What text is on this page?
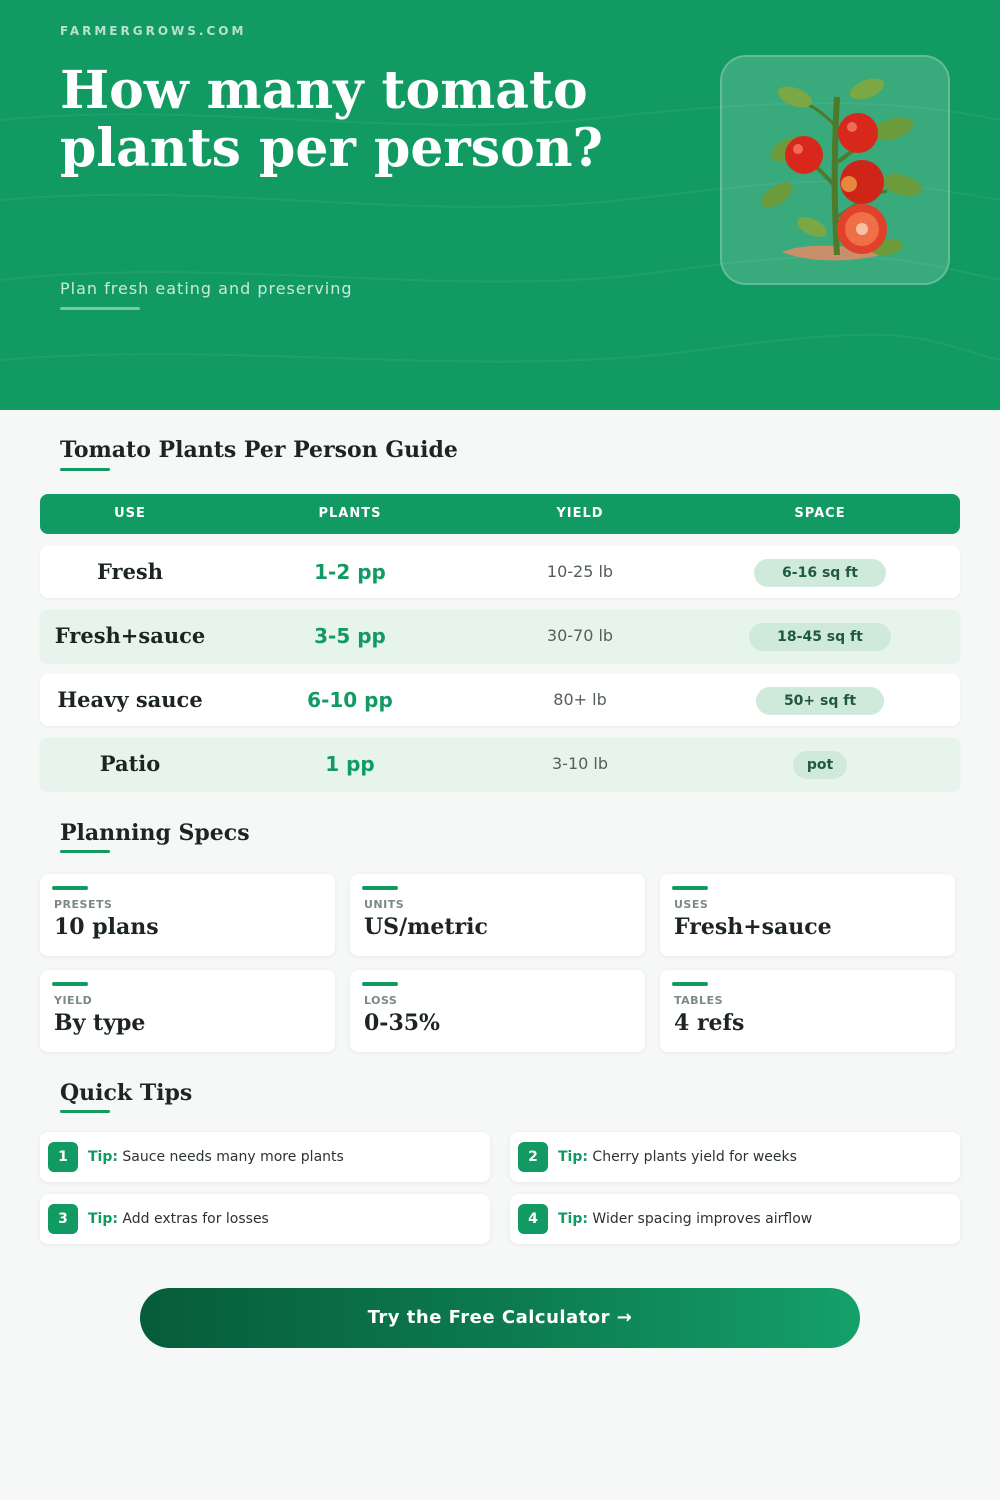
FARMERGROWS.COM
How many tomato plants per person?
Plan fresh eating and preserving
Tomato Plants Per Person Guide
USE	PLANTS	YIELD	SPACE
Fresh	1-2 pp	10-25 lb	6-16 sq ft
Fresh+sauce	3-5 pp	30-70 lb	18-45 sq ft
Heavy sauce	6-10 pp	80+ lb	50+ sq ft
Patio	1 pp	3-10 lb	pot
Planning Specs
PRESETS
10 plans
UNITS
US/metric
USES
Fresh+sauce
YIELD
By type
LOSS
0-35%
TABLES
4 refs
Quick Tips
1	Tip: Sauce needs many more plants	2	Tip: Cherry plants yield for weeks
3	Tip: Add extras for losses	4	Tip: Wider spacing improves airflow
Try the Free Calculator →
